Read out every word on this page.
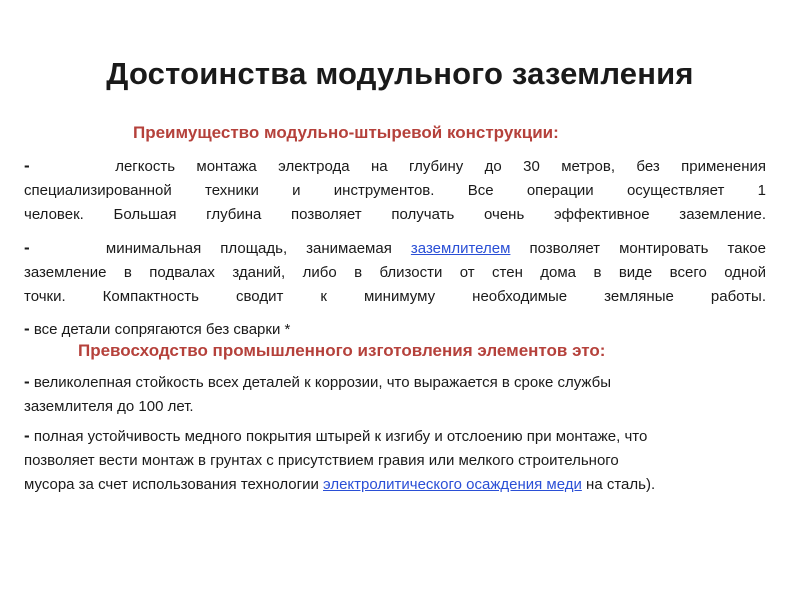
Достоинства модульного заземления
Преимущество модульно-штыревой конструкции:
-	легкость монтажа электрода на глубину до 30 метров, без применения
специализированной техники и инструментов. Все операции осуществляет 1
человек. Большая глубина позволяет получать очень эффективное заземление.
-	минимальная площадь, занимаемая заземлителем позволяет монтировать такое
заземление в подвалах зданий, либо в близости от стен дома в виде всего одной
точки. Компактность сводит к минимуму необходимые земляные работы.
- все детали сопрягаются без сварки *
Превосходство промышленного изготовления элементов это:
- великолепная стойкость всех деталей к коррозии, что выражается в сроке службы
заземлителя до 100 лет.
- полная устойчивость медного покрытия штырей к изгибу и отслоению при монтаже, что
позволяет вести монтаж в грунтах с присутствием гравия или мелкого строительного
мусора за счет использования технологии электролитического осаждения меди на сталь).
